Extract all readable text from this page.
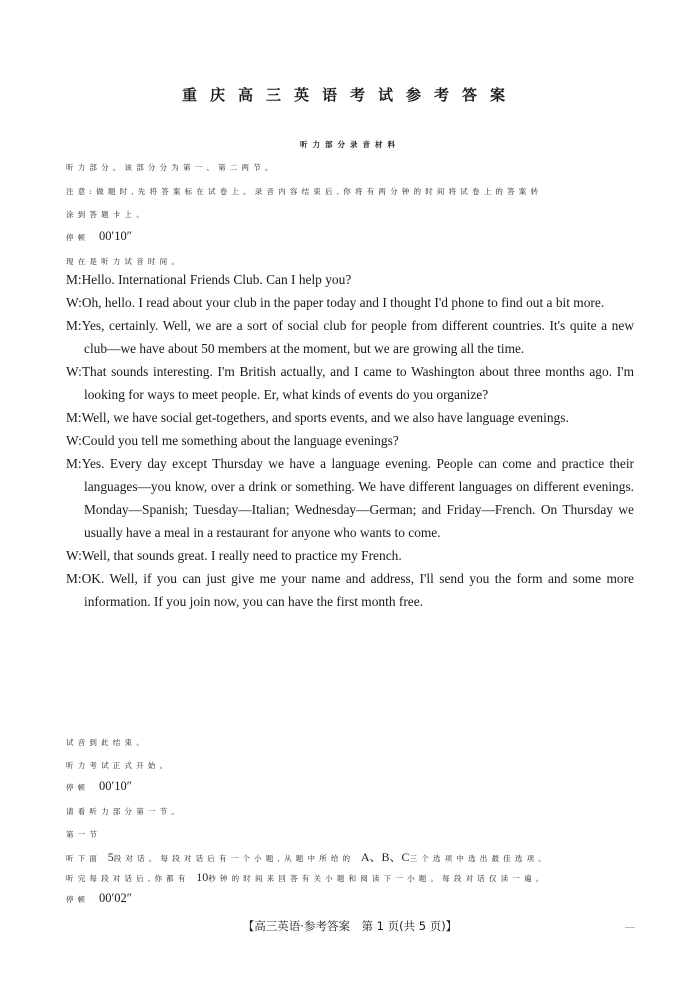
重庆高三英语考试参考答案
听力部分录音材料
听力部分。该部分分为第一、第二两节。
注意:做题时,先将答案标在试卷上。录音内容结束后,你将有两分钟的时间将试卷上的答案转
涂到答题卡上。
停顿 00′10″
现在是听力试音时间。
M:Hello. International Friends Club. Can I help you?
W:Oh, hello. I read about your club in the paper today and I thought I'd phone to find out a bit more.
M:Yes, certainly. Well, we are a sort of social club for people from different countries. It's quite a new club—we have about 50 members at the moment, but we are growing all the time.
W:That sounds interesting. I'm British actually, and I came to Washington about three months ago. I'm looking for ways to meet people. Er, what kinds of events do you organize?
M:Well, we have social get-togethers, and sports events, and we also have language evenings.
W:Could you tell me something about the language evenings?
M:Yes. Every day except Thursday we have a language evening. People can come and practice their languages—you know, over a drink or something. We have different languages on different evenings. Monday—Spanish; Tuesday—Italian; Wednesday—German; and Friday—French. On Thursday we usually have a meal in a restaurant for anyone who wants to come.
W:Well, that sounds great. I really need to practice my French.
M:OK. Well, if you can just give me your name and address, I'll send you the form and some more information. If you join now, you can have the first month free.
试音到此结束。
听力考试正式开始。
停顿 00′10″
请看听力部分第一节。
第一节
听下面 5段对话。每段对话后有一个小题,从题中所给的 A、B、C三个选项中选出最佳选项。
听完每段对话后,你都有 10秒钟的时间来回答有关小题和阅读下一小题。每段对话仅读一遍。
停顿 00′02″
【高三英语·参考答案　第 1 页(共 5 页)】
